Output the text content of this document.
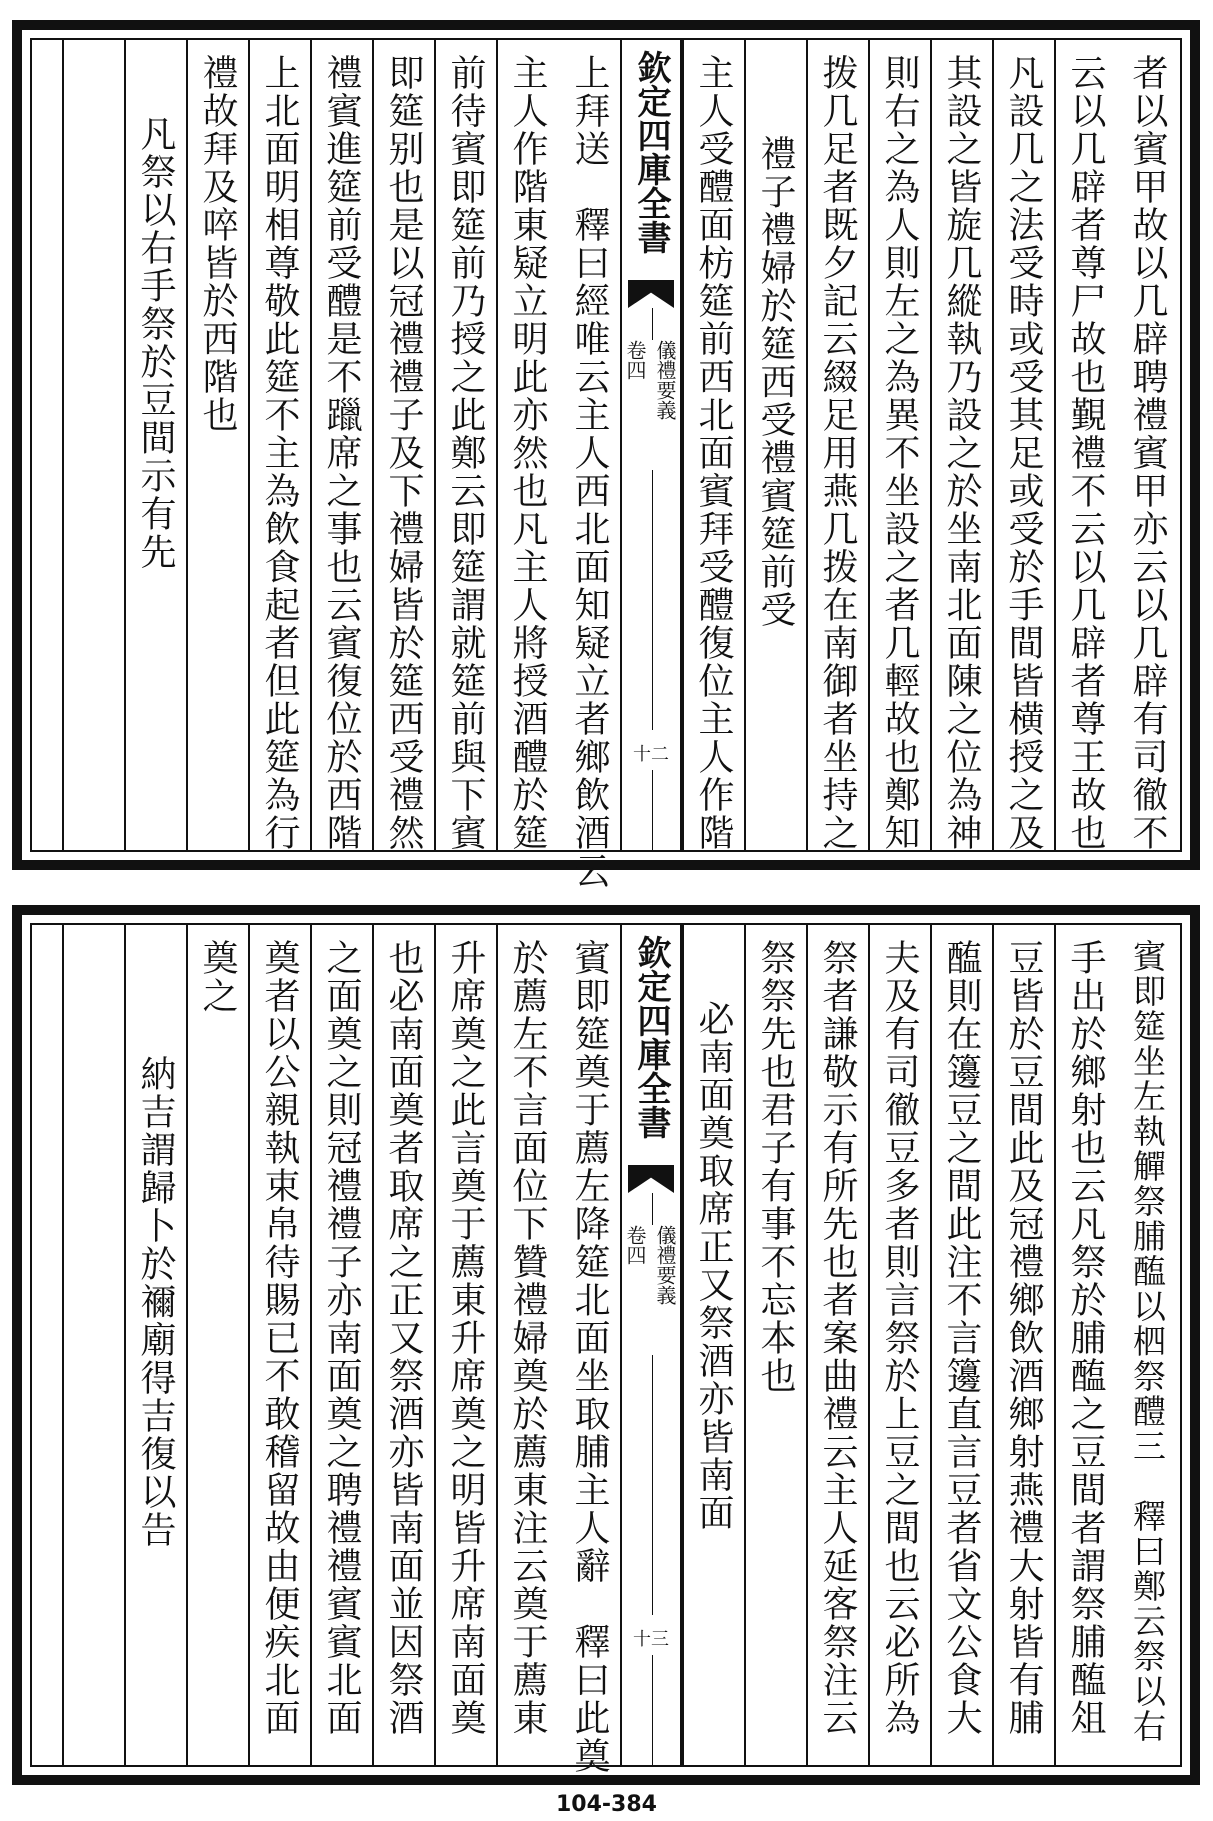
者以賓甲故以几辟聘禮賓甲亦云以几辟有司徹不
云以几辟者尊尸故也覲禮不云以几辟者尊王故也
凡設几之法受時或受其足或受於手間皆横授之及
其設之皆旋几縱執乃設之於坐南北面陳之位為神
則右之為人則左之為異不坐設之者几輕故也鄭知
拨几足者既夕記云綴足用燕几拨在南御者坐持之
禮子禮婦於筵西受禮賓筵前受
主人受醴面枋筵前西北面賓拜受醴復位主人作階
欽定四庫全書
儀禮要義
卷四
十二
上拜送　釋曰經唯云主人西北面知疑立者鄉飲酒云
主人作階東疑立明此亦然也凡主人將授酒醴於筵
前待賓即筵前乃授之此鄭云即筵謂就筵前與下賓
即筵别也是以冠禮禮子及下禮婦皆於筵西受禮然
禮賓進筵前受醴是不躐席之事也云賓復位於西階
上北面明相尊敬此筵不主為飲食起者但此筵為行
禮故拜及啐皆於西階也
凡祭以右手祭於豆間示有先
賓即筵坐左執觶祭脯醢以柶祭醴三　釋曰鄭云祭以右
手出於鄉射也云凡祭於脯醢之豆間者謂祭脯醢俎
豆皆於豆間此及冠禮鄉飲酒鄉射燕禮大射皆有脯
醢則在籩豆之間此注不言籩直言豆者省文公食大
夫及有司徹豆多者則言祭於上豆之間也云必所為
祭者謙敬示有所先也者案曲禮云主人延客祭注云
祭祭先也君子有事不忘本也
必南面奠取席正又祭酒亦皆南面
欽定四庫全書
儀禮要義
卷四
十三
賓即筵奠于薦左降筵北面坐取脯主人辭　釋曰此奠
於薦左不言面位下贊禮婦奠於薦東注云奠于薦東
升席奠之此言奠于薦東升席奠之明皆升席南面奠
也必南面奠者取席之正又祭酒亦皆南面並因祭酒
之面奠之則冠禮禮子亦南面奠之聘禮禮賓賓北面
奠者以公親執束帛待賜已不敢稽留故由便疾北面
奠之
納吉謂歸卜於禰廟得吉復以告
104-384
